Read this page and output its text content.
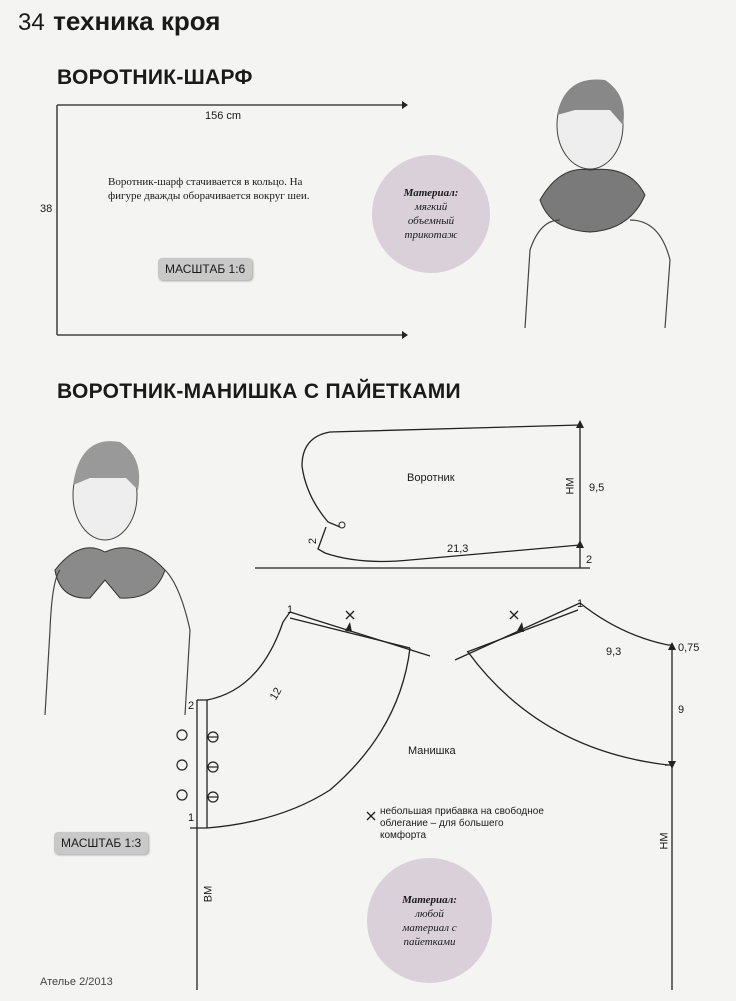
34 техника кроя
ВОРОТНИК-ШАРФ
156 cm
38
Воротник-шарф стачивается в кольцо. На фигуре дважды оборачивается вокруг шеи.
МАСШТАБ 1:6
Материал:
мягкий объемный трикотаж
ВОРОТНИК-МАНИШКА С ПАЙЕТКАМИ
Воротник	НМ 9,5
21,3
2
2
1
12
2
1
Манишка
1
9,3	0,75
9
ВМ
НМ
небольшая прибавка на свободное облегание – для большего комфорта
МАСШТАБ 1:3
Материал:
любой материал с пайетками
Ателье 2/2013
